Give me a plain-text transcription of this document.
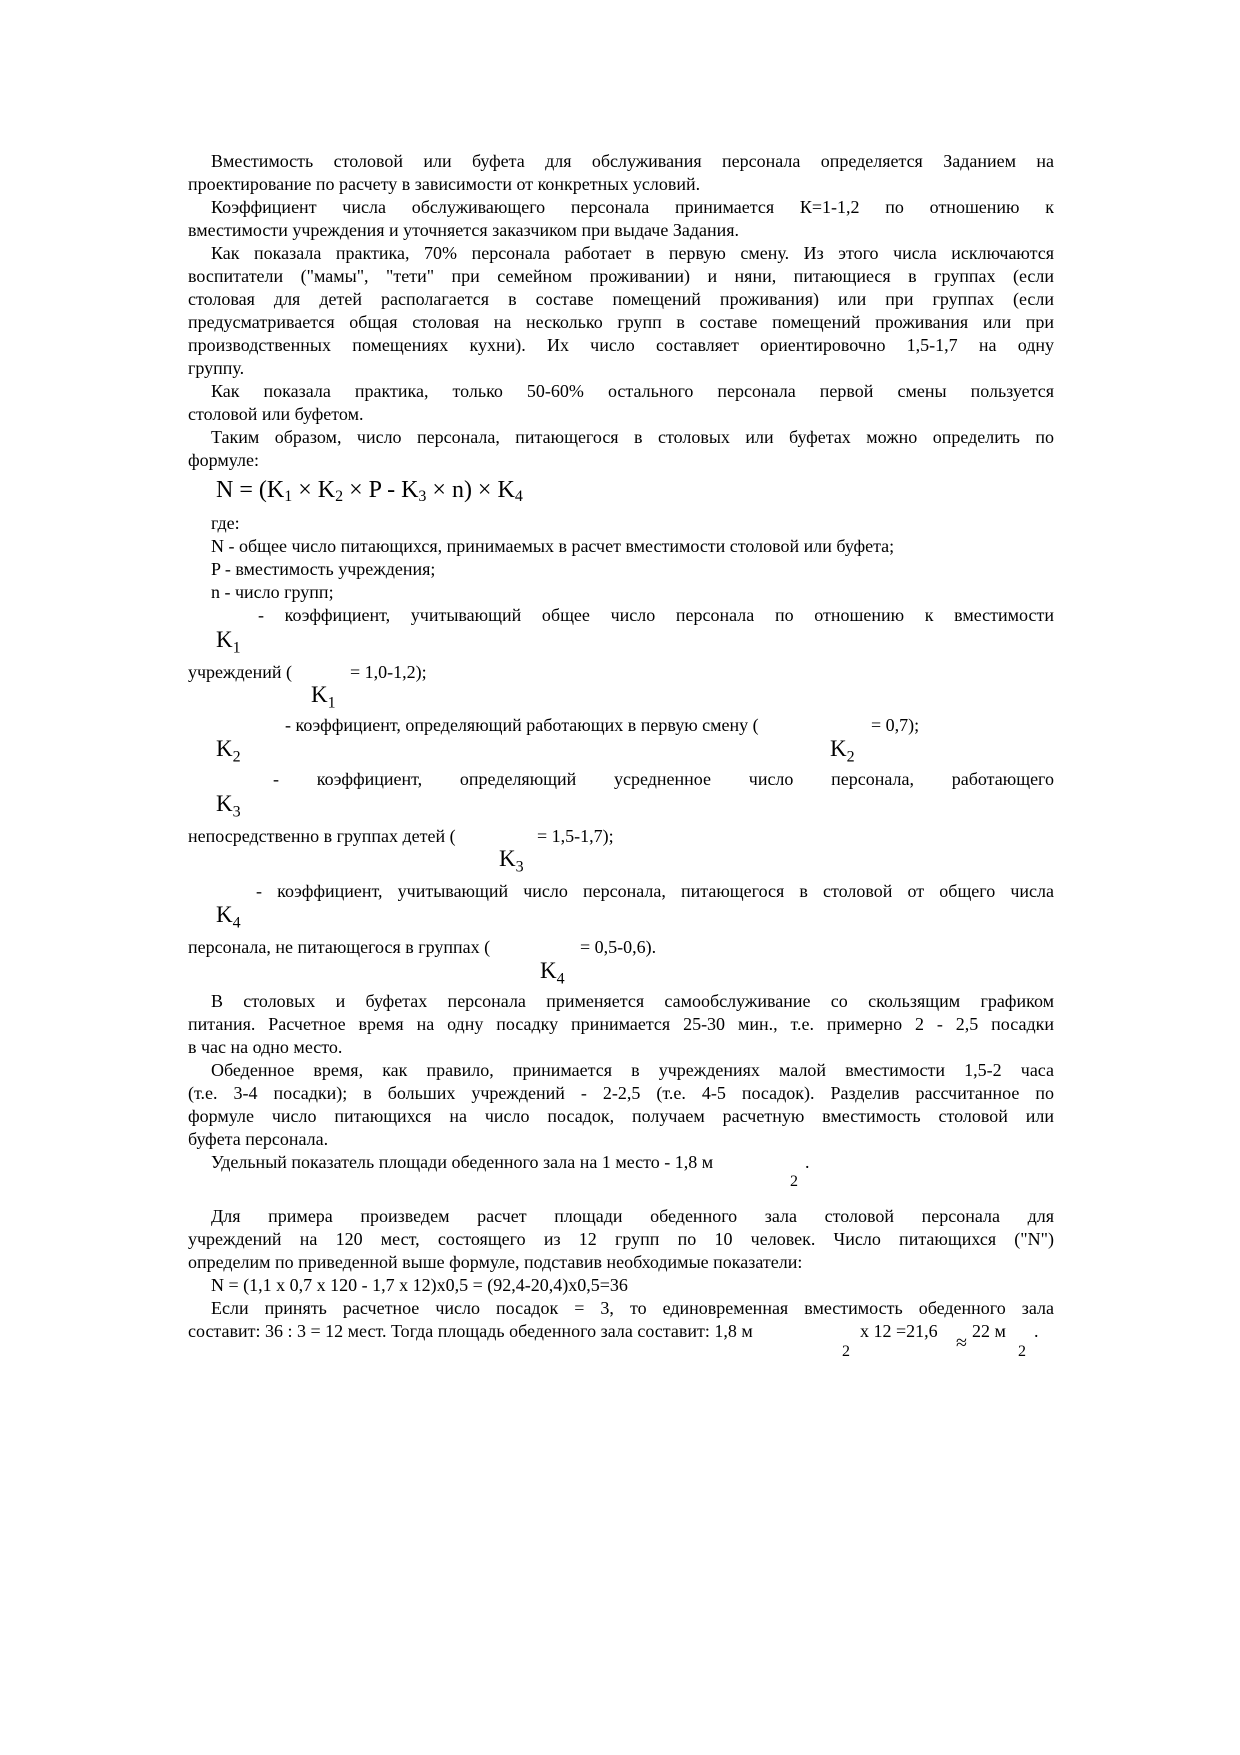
Вместимость столовой или буфета для обслуживания персонала определяется Заданием на
проектирование по расчету в зависимости от конкретных условий.
Коэффициент числа обслуживающего персонала принимается К=1-1,2 по отношению к
вместимости учреждения и уточняется заказчиком при выдаче Задания.
Как показала практика, 70% персонала работает в первую смену. Из этого числа исключаются
воспитатели ("мамы", "тети" при семейном проживании) и няни, питающиеся в группах (если
столовая для детей располагается в составе помещений проживания) или при группах (если
предусматривается общая столовая на несколько групп в составе помещений проживания или при
производственных помещениях кухни). Их число составляет ориентировочно 1,5-1,7 на одну
группу.
Как показала практика, только 50-60% остального персонала первой смены пользуется
столовой или буфетом.
Таким образом, число персонала, питающегося в столовых или буфетах можно определить по
формуле:
$N = (K_1 \times K_2 \times P - K_3 \times n) \times K_4$
где:
N - общее число питающихся, принимаемых в расчет вместимости столовой или буфета;
P - вместимость учреждения;
n - число групп;
- коэффициент, учитывающий общее число персонала по отношению к вместимости
$K_1$
учреждений (	= 1,0-1,2);
$K_1$
- коэффициент, определяющий работающих в первую смену (	= 0,7);
$K_2$	$K_2$
- коэффициент, определяющий усредненное число персонала, работающего
$K_3$
непосредственно в группах детей (	= 1,5-1,7);
$K_3$
- коэффициент, учитывающий число персонала, питающегося в столовой от общего числа
$K_4$
персонала, не питающегося в группах (	= 0,5-0,6).
$K_4$
В столовых и буфетах персонала применяется самообслуживание со скользящим графиком
питания. Расчетное время на одну посадку принимается 25-30 мин., т.е. примерно 2 - 2,5 посадки
в час на одно место.
Обеденное время, как правило, принимается в учреждениях малой вместимости 1,5-2 часа
(т.е. 3-4 посадки); в больших учреждений - 2-2,5 (т.е. 4-5 посадок). Разделив рассчитанное по
формуле число питающихся на число посадок, получаем расчетную вместимость столовой или
буфета персонала.
Удельный показатель площади обеденного зала на 1 место - 1,8 м	.
2
Для примера произведем расчет площади обеденного зала столовой персонала для
учреждений на 120 мест, состоящего из 12 групп по 10 человек. Число питающихся ("N")
определим по приведенной выше формуле, подставив необходимые показатели:
N = (1,1 х 0,7 х 120 - 1,7 х 12)х0,5 = (92,4-20,4)х0,5=36
Если принять расчетное число посадок = 3, то единовременная вместимость обеденного зала
составит: 36 : 3 = 12 мест. Тогда площадь обеденного зала составит: 1,8 м	х 12 =21,6 22 м .
2	≈	2
